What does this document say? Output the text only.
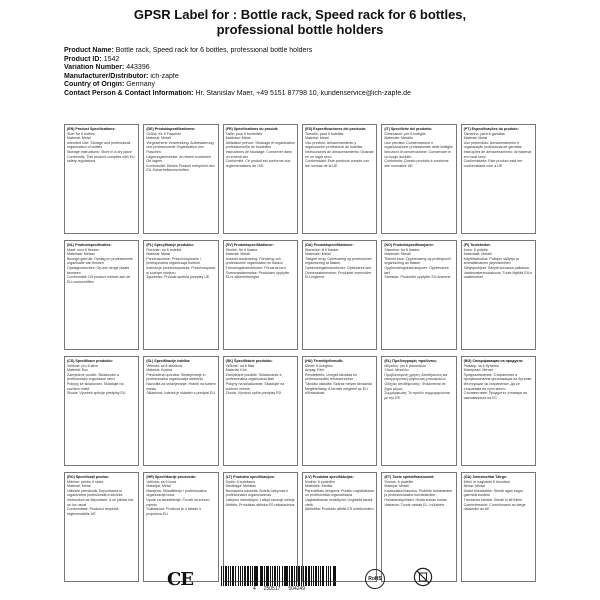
GPSR Label for : Bottle rack, Speed rack for 6 bottles,
professional bottle holders
Product Name: Bottle rack, Speed rack for 6 bottles, professional bottle holders
Product ID: 1542
Variation Number: 443396
Manufacturer/Distributor: ich-zapfe
Country of Origin: Germany
Contact Person & Contact Information: Hr. Stanislav Maer, +49 5151 87798 10, kundenservice@ich-zapfe.de
(EN) Product Specifications:
Size: for 6 bottles
Material: Metal
Intended Use: Storage and professional organization of bottles
Storage Instructions: Store in a dry place
Conformity: This product complies with EU safety regulations
(DE) Produktspezifikationen:
Größe: für 6 Flaschen
Material: Metall
Vorgesehene Verwendung: Aufbewahrung und professionelle Organisation von Flaschen
Lagerungshinweise: An einem trockenen Ort lagern
Konformität: Dieses Produkt entspricht den EU-Sicherheitsvorschriften
(FR) Spécifications du produit:
Taille: pour 6 bouteilles
Matériau: Métal
Utilisation prévue: Stockage et organisation professionnelle de bouteilles
Instructions de stockage: Conserver dans un endroit sec
Conformité: Ce produit est conforme aux réglementations de l'UE
(ES) Especificaciones del producto:
Tamaño: para 6 botellas
Material: Metal
Uso previsto: Almacenamiento y organización profesional de botellas
Instrucciones de almacenamiento: Guardar en un lugar seco
Conformidad: Este producto cumple con las normas de la UE
(IT) Specifiche del prodotto:
Dimensioni: per 6 bottiglie
Materiale: Metallo
Uso previsto: Conservazione e organizzazione professionale delle bottiglie
Istruzioni di conservazione: Conservare in un luogo asciutto
Conformità: Questo prodotto è conforme alle normative UE
(PT) Especificações do produto:
Tamanho: para 6 garrafas
Material: Metal
Uso pretendido: Armazenamento e organização profissional de garrafas
Instruções de armazenamento: Armazenar em local seco
Conformidade: Este produto está em conformidade com a UE
(NL) Productspecificaties:
Maat: voor 6 flessen
Materiaal: Metaal
Beoogd gebruik: Opslag en professionele organisatie van flessen
Opslaginstructies: Op een droge plaats bewaren
Conformiteit: Dit product voldoet aan de EU-voorschriften
(PL) Specyfikacje produktu:
Rozmiar: na 6 butelek
Materiał: Metal
Przeznaczenie: Przechowywanie i profesjonalna organizacja butelek
Instrukcje przechowywania: Przechowywać w suchym miejscu
Zgodność: Produkt spełnia przepisy UE
(SV) Produktspecifikationer:
Storlek: för 6 flaskor
Material: Metall
Avsedd användning: Förvaring och professionell organisation av flaskor
Förvaringsinstruktioner: Förvaras torrt
Överensstämmelse: Produkten uppfyller EU:s säkerhetsregler
(DA) Produktspecifikationer:
Størrelse: til 6 flasker
Materiale: Metal
Tilsigtet brug: Opbevaring og professionel organisering af flasker
Opbevaringsinstruktioner: Opbevares tørt
Overensstemmelse: Produktet overholder EU-reglerne
(NO) Produktspesifikasjoner:
Størrelse: for 6 flasker
Materiale: Metall
Tiltenkt bruk: Oppbevaring og profesjonell organisering av flasker
Oppbevaringsinstruksjoner: Oppbevares tørt
Samsvar: Produktet oppfyller EU-kravene
(FI) Tuotetiedot:
Koko: 6 pullolle
Materiaali: Metalli
Käyttötarkoitus: Pullojen säilytys ja ammattimainen järjestäminen
Säilytysohjeet: Säilytä kuivassa paikassa
Vaatimustenmukaisuus: Tuote täyttää EU:n vaatimukset
(CS) Specifikace produktu:
Velikost: pro 6 lahví
Materiál: Kov
Zamýšlené použití: Skladování a profesionální organizace lahví
Pokyny ke skladování: Skladujte na suchém místě
Shoda: Výrobek splňuje předpisy EU
(SL) Specifikacije izdelka:
Velikost: za 6 steklenic
Material: Kovina
Predvidena uporaba: Shranjevanje in profesionalna organizacija steklenic
Navodila za shranjevanje: Hraniti na suhem mestu
Skladnost: Izdelek je skladen s predpisi EU
(SK) Špecifikácie produktu:
Veľkosť: na 6 fliaš
Materiál: Kov
Zamýšľané použitie: Skladovanie a profesionálna organizácia fliaš
Pokyny na skladovanie: Skladujte na suchom mieste
Zhoda: Výrobok spĺňa predpisy EÚ
(HU) Termékjellemzők:
Méret: 6 üveghez
Anyag: Fém
Rendeltetés: Üvegek tárolása és professzionális rendszerezése
Tárolási utasítás: Száraz helyen tárolandó
Megfelelőség: A termék megfelel az EU előírásainak
(EL) Προδιαγραφές προϊόντος:
Μέγεθος: για 6 μπουκάλια
Υλικό: Μέταλλο
Προβλεπόμενη χρήση: Αποθήκευση και επαγγελματική οργάνωση μπουκαλιών
Οδηγίες αποθήκευσης: Φυλάσσεται σε ξηρό μέρος
Συμμόρφωση: Το προϊόν συμμορφώνεται με την ΕΕ
(BG) Спецификации на продукта:
Размер: за 6 бутилки
Материал: Метал
Предназначение: Съхранение и професионална организация на бутилки
Инструкции за съхранение: Да се съхранява на сухо място
Съответствие: Продуктът отговаря на изискванията на ЕС
(RO) Specificații produs:
Mărime: pentru 6 sticle
Material: Metal
Utilizare prevăzută: Depozitarea și organizarea profesională a sticlelor
Instrucțiuni de depozitare: A se păstra într-un loc uscat
Conformitate: Produsul respectă reglementările UE
(HR) Specifikacije proizvoda:
Veličina: za 6 boca
Materijal: Metal
Namjena: Skladištenje i profesionalna organizacija boca
Upute za skladištenje: Čuvati na suhom mjestu
Sukladnost: Proizvod je u skladu s propisima EU
(LT) Produkto specifikacijos:
Dydis: 6 buteliams
Medžiaga: Metalas
Numatoma paskirtis: Butelių laikymas ir profesionalus organizavimas
Laikymo instrukcijos: Laikyti sausoje vietoje
Atitiktis: Produktas atitinka ES reikalavimus
(LV) Produkta specifikācijas:
Izmērs: 6 pudelēm
Materiāls: Metāls
Paredzētais lietojums: Pudeļu uzglabāšana un profesionāla organizēšana
Uzglabāšanas norādījumi: Uzglabāt sausā vietā
Atbilstība: Produkts atbilst ES noteikumiem
(ET) Toote spetsifikatsioonid:
Suurus: 6 pudelile
Materjal: Metall
Kavandatud kasutus: Pudelite hoiustamine ja professionaalne korraldamine
Hoiustamisjuhised: Hoida kuivas kohas
Vastavus: Toode vastab EL-i nõuetele
(GA) Sonraíochtaí Táirge:
Méid: le haghaidh 6 bhuidéal
Ábhar: Miotal
Úsáid bheartaithe: Stóráil agus eagrú gairmiúil buidéal
Treoracha stórála: Stóráil in áit thirim
Comhréireacht: Comhlíonann an táirge rialacháin an AE
CE	4 250517 504249
RoHS
